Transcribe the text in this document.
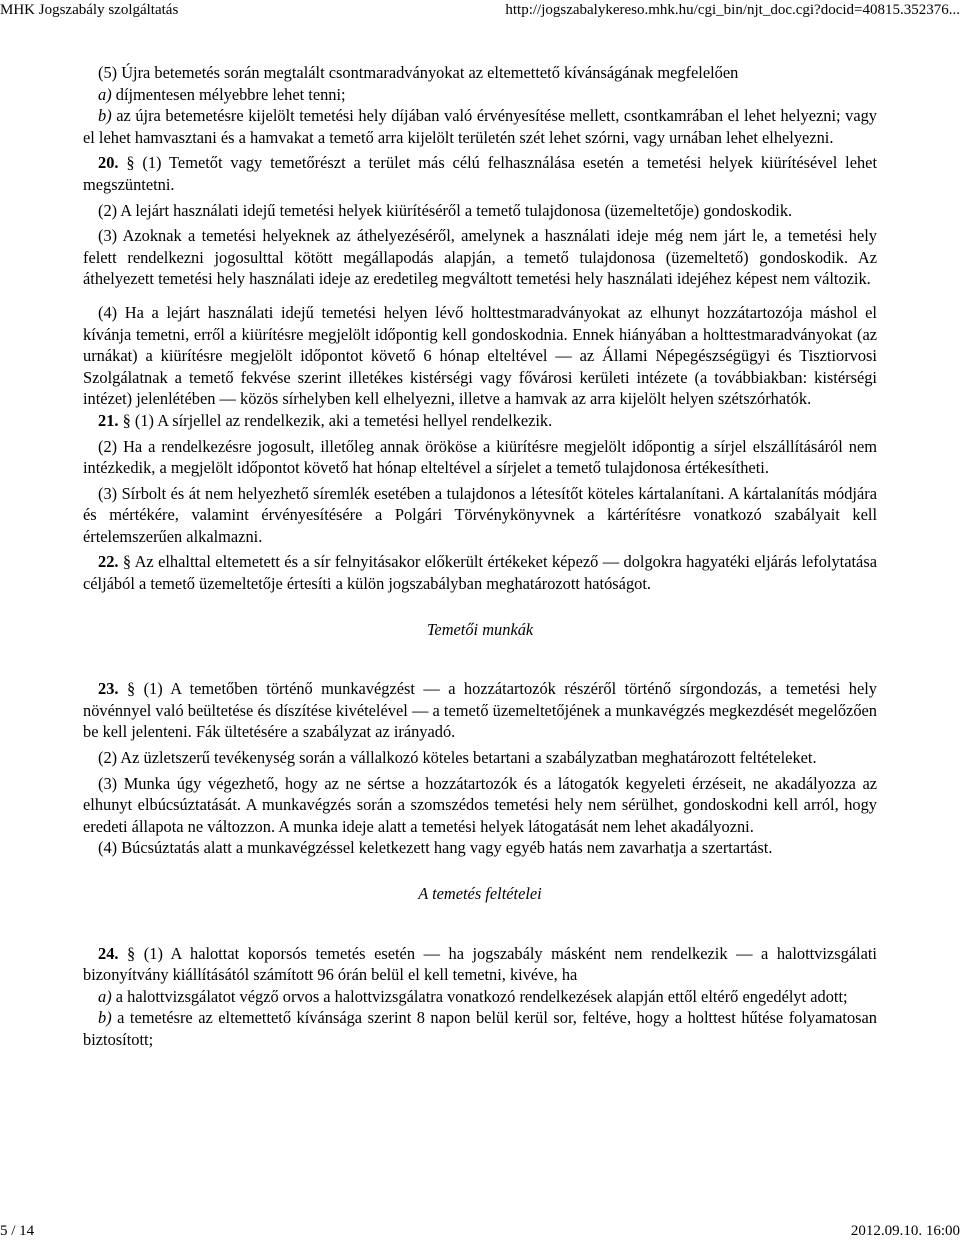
MHK Jogszabály szolgáltatás	http://jogszabalykereso.mhk.hu/cgi_bin/njt_doc.cgi?docid=40815.352376...

(5) Újra betemetés során megtalált csontmaradványokat az eltemettető kívánságának megfelelően

a) díjmentesen mélyebbre lehet tenni;

b) az újra betemetésre kijelölt temetési hely díjában való érvényesítése mellett, csontkamrában el lehet helyezni; vagy el lehet hamvasztani és a hamvakat a temető arra kijelölt területén szét lehet szórni, vagy urnában lehet elhelyezni.

20. § (1) Temetőt vagy temetőrészt a terület más célú felhasználása esetén a temetési helyek kiürítésével lehet megszüntetni.

(2) A lejárt használati idejű temetési helyek kiürítéséről a temető tulajdonosa (üzemeltetője) gondoskodik.

(3) Azoknak a temetési helyeknek az áthelyezéséről, amelynek a használati ideje még nem járt le, a temetési hely felett rendelkezni jogosulttal kötött megállapodás alapján, a temető tulajdonosa (üzemeltető) gondoskodik. Az áthelyezett temetési hely használati ideje az eredetileg megváltott temetési hely használati idejéhez képest nem változik.

(4) Ha a lejárt használati idejű temetési helyen lévő holttestmaradványokat az elhunyt hozzátartozója máshol el kívánja temetni, erről a kiürítésre megjelölt időpontig kell gondoskodnia. Ennek hiányában a holttestmaradványokat (az urnákat) a kiürítésre megjelölt időpontot követő 6 hónap elteltével — az Állami Népegészségügyi és Tisztiorvosi Szolgálatnak a temető fekvése szerint illetékes kistérségi vagy fővárosi kerületi intézete (a továbbiakban: kistérségi intézet) jelenlétében — közös sírhelyben kell elhelyezni, illetve a hamvak az arra kijelölt helyen szétszórhatók.

21. § (1) A sírjellel az rendelkezik, aki a temetési hellyel rendelkezik.

(2) Ha a rendelkezésre jogosult, illetőleg annak örököse a kiürítésre megjelölt időpontig a sírjel elszállításáról nem intézkedik, a megjelölt időpontot követő hat hónap elteltével a sírjelet a temető tulajdonosa értékesítheti.

(3) Sírbolt és át nem helyezhető síremlék esetében a tulajdonos a létesítőt köteles kártalanítani. A kártalanítás módjára és mértékére, valamint érvényesítésére a Polgári Törvénykönyvnek a kártérítésre vonatkozó szabályait kell értelemszerűen alkalmazni.

22. § Az elhalttal eltemetett és a sír felnyitásakor előkerült értékeket képező — dolgokra hagyatéki eljárás lefolytatása céljából a temető üzemeltetője értesíti a külön jogszabályban meghatározott hatóságot.

Temetői munkák

23. § (1) A temetőben történő munkavégzést — a hozzátartozók részéről történő sírgondozás, a temetési hely növénnyel való beültetése és díszítése kivételével — a temető üzemeltetőjének a munkavégzés megkezdését megelőzően be kell jelenteni. Fák ültetésére a szabályzat az irányadó.

(2) Az üzletszerű tevékenység során a vállalkozó köteles betartani a szabályzatban meghatározott feltételeket.

(3) Munka úgy végezhető, hogy az ne sértse a hozzátartozók és a látogatók kegyeleti érzéseit, ne akadályozza az elhunyt elbúcsúztatását. A munkavégzés során a szomszédos temetési hely nem sérülhet, gondoskodni kell arról, hogy eredeti állapota ne változzon. A munka ideje alatt a temetési helyek látogatását nem lehet akadályozni.

(4) Búcsúztatás alatt a munkavégzéssel keletkezett hang vagy egyéb hatás nem zavarhatja a szertartást.

A temetés feltételei

24. § (1) A halottat koporsós temetés esetén — ha jogszabály másként nem rendelkezik — a halottvizsgálati bizonyítvány kiállításától számított 96 órán belül el kell temetni, kivéve, ha

a) a halottvizsgálatot végző orvos a halottvizsgálatra vonatkozó rendelkezések alapján ettől eltérő engedélyt adott;

b) a temetésre az eltemettető kívánsága szerint 8 napon belül kerül sor, feltéve, hogy a holttest hűtése folyamatosan biztosított;

5 / 14	2012.09.10. 16:00
